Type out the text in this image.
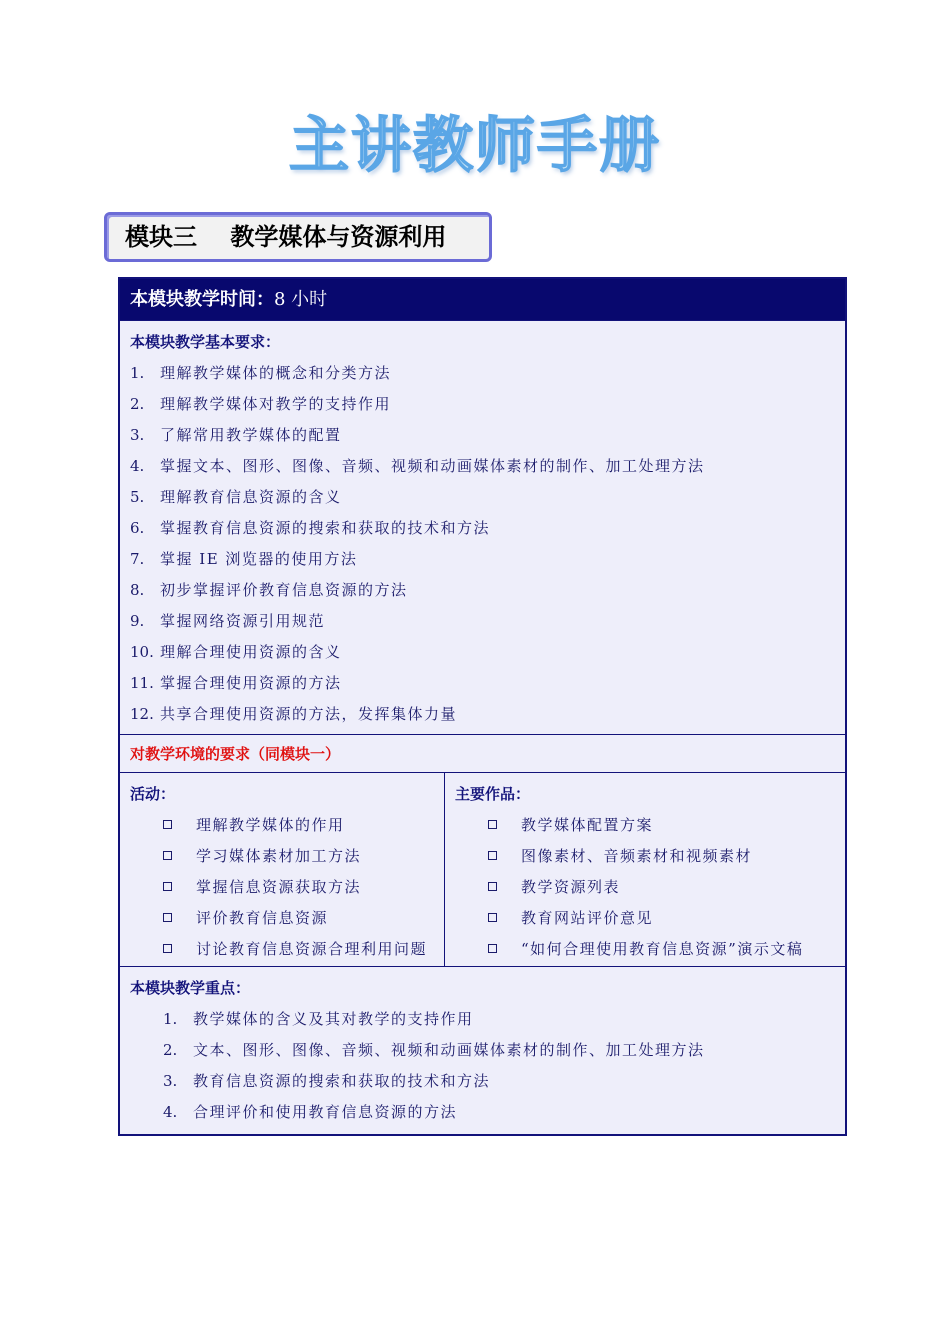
主讲教师手册
模块三 教学媒体与资源利用
本模块教学时间：8 小时
本模块教学基本要求：
1. 理解教学媒体的概念和分类方法
2. 理解教学媒体对教学的支持作用
3. 了解常用教学媒体的配置
4. 掌握文本、图形、图像、音频、视频和动画媒体素材的制作、加工处理方法
5. 理解教育信息资源的含义
6. 掌握教育信息资源的搜索和获取的技术和方法
7. 掌握 IE 浏览器的使用方法
8. 初步掌握评价教育信息资源的方法
9. 掌握网络资源引用规范
10. 理解合理使用资源的含义
11. 掌握合理使用资源的方法
12. 共享合理使用资源的方法，发挥集体力量
对教学环境的要求（同模块一）
活动：
理解教学媒体的作用
学习媒体素材加工方法
掌握信息资源获取方法
评价教育信息资源
讨论教育信息资源合理利用问题
主要作品：
教学媒体配置方案
图像素材、音频素材和视频素材
教学资源列表
教育网站评价意见
“如何合理使用教育信息资源”演示文稿
本模块教学重点：
1. 教学媒体的含义及其对教学的支持作用
2. 文本、图形、图像、音频、视频和动画媒体素材的制作、加工处理方法
3. 教育信息资源的搜索和获取的技术和方法
4. 合理评价和使用教育信息资源的方法
